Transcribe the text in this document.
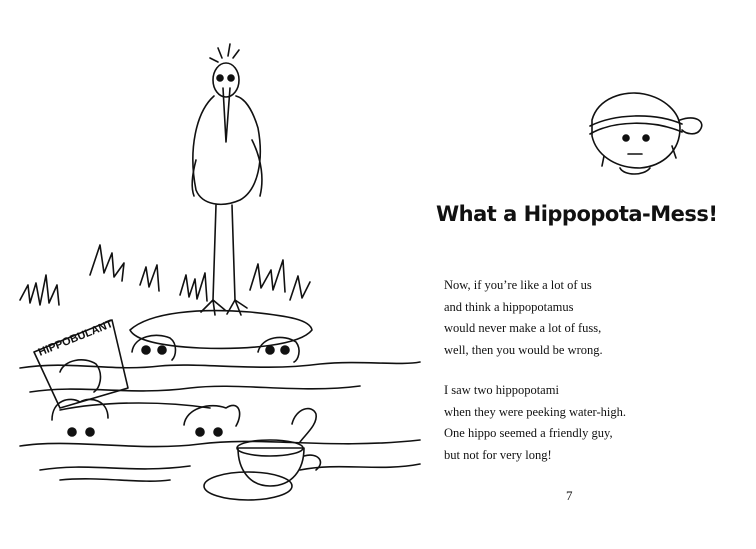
HIPPOBULANT
What a Hippopota-Mess!
Now, if you’re like a lot of us
and think a hippopotamus
would never make a lot of fuss,
well, then you would be wrong.
I saw two hippopotami
when they were peeking water-high.
One hippo seemed a friendly guy,
but not for very long!
7
